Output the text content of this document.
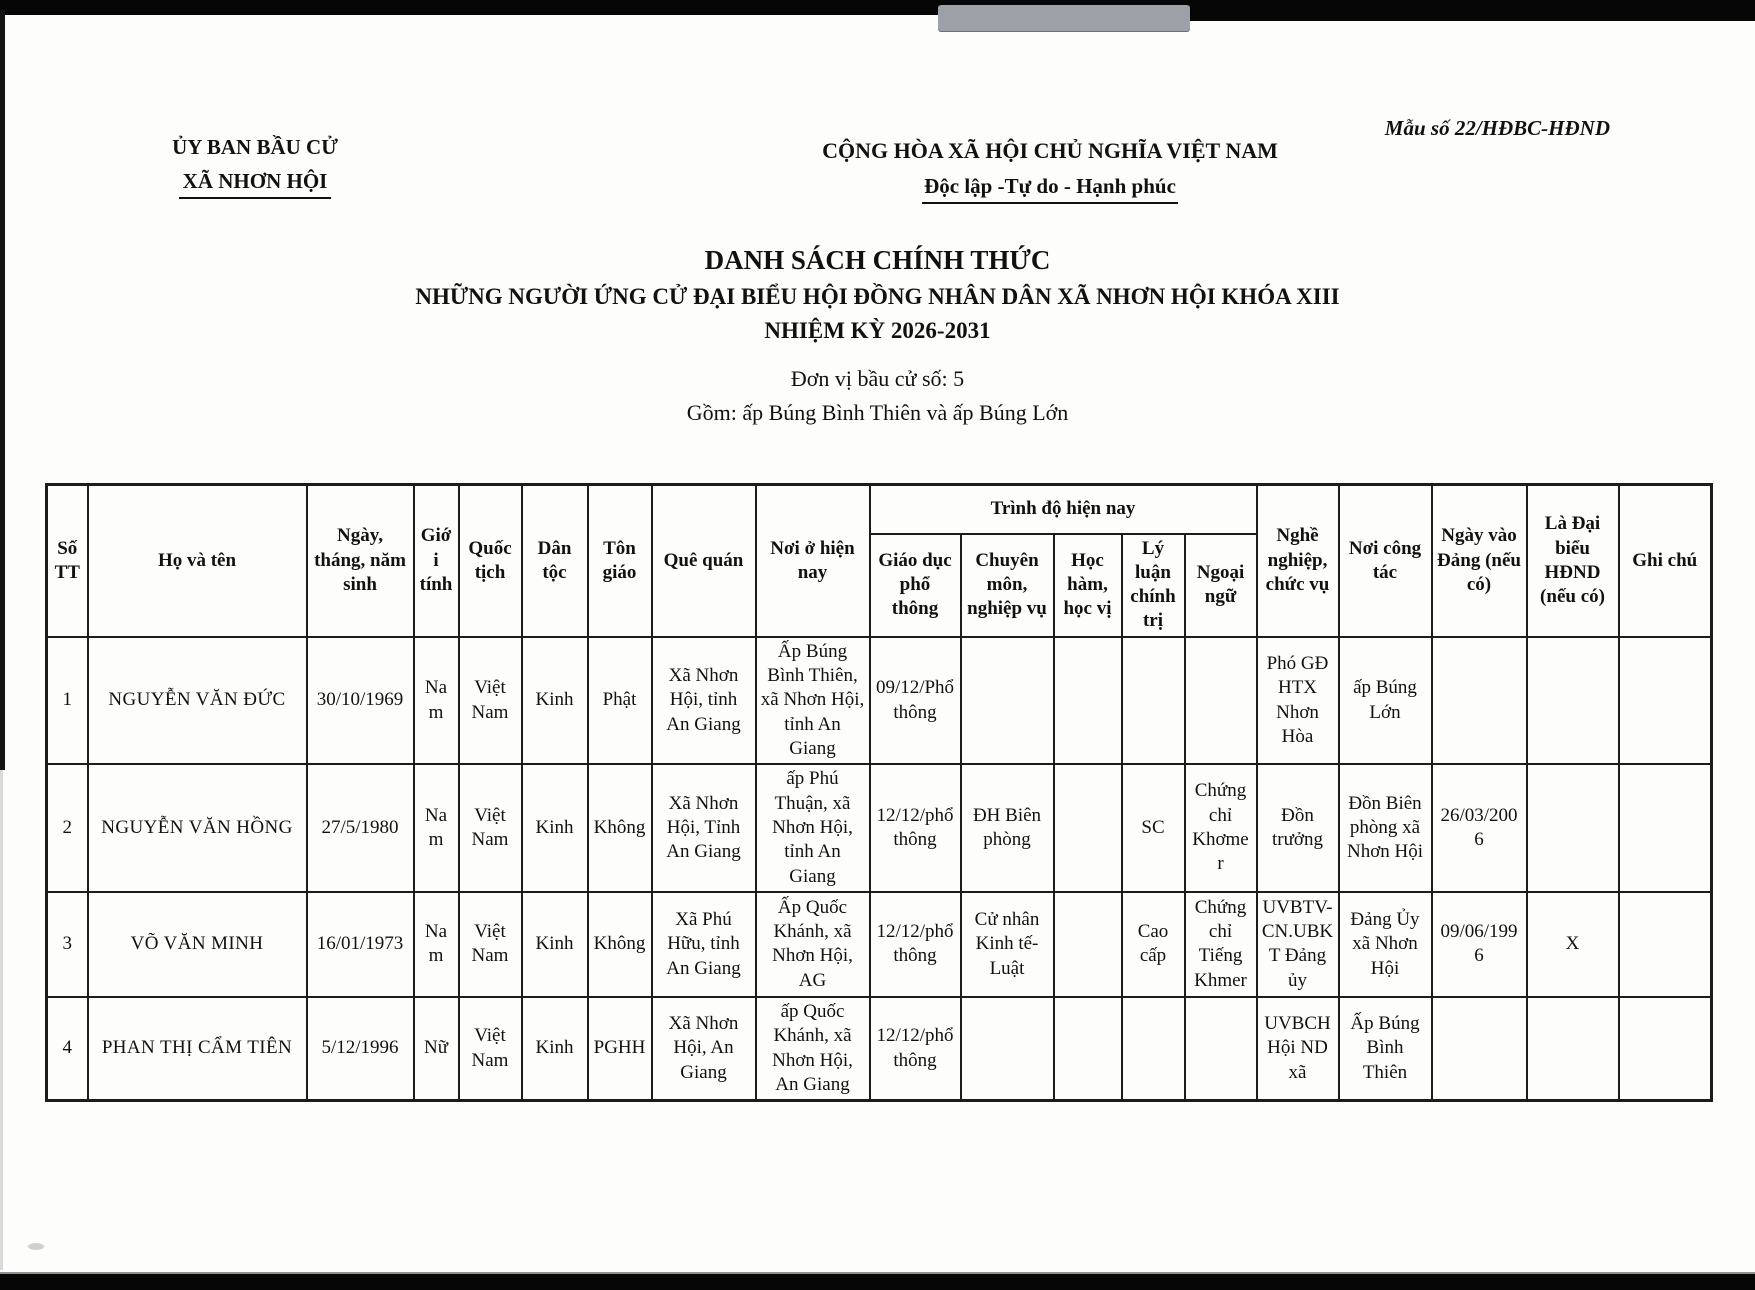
Mẫu số 22/HĐBC-HĐND
ỦY BAN BẦU CỬ
XÃ NHƠN HỘI
CỘNG HÒA XÃ HỘI CHỦ NGHĨA VIỆT NAM
Độc lập -Tự do - Hạnh phúc
DANH SÁCH CHÍNH THỨC
NHỮNG NGƯỜI ỨNG CỬ ĐẠI BIỂU HỘI ĐỒNG NHÂN DÂN XÃ NHƠN HỘI KHÓA XIII
NHIỆM KỲ 2026-2031
Đơn vị bầu cử số: 5
Gồm: ấp Búng Bình Thiên và ấp Búng Lớn
Số TT	Họ và tên	Ngày, tháng, năm sinh	Giới tính	Quốc tịch	Dân tộc	Tôn giáo	Quê quán	Nơi ở hiện nay	Trình độ hiện nay					Nghề nghiệp, chức vụ	Nơi công tác	Ngày vào Đảng (nếu có)	Là Đại biểu HĐND (nếu có)	Ghi chú
									Giáo dục phổ thông	Chuyên môn, nghiệp vụ	Học hàm, học vị	Lý luận chính trị	Ngoại ngữ					
1	NGUYỄN VĂN ĐỨC	30/10/1969	Nam	Việt Nam	Kinh	Phật	Xã Nhơn Hội, tỉnh An Giang	Ấp Búng Bình Thiên, xã Nhơn Hội, tỉnh An Giang	09/12/Phổ thông					Phó GĐ HTX Nhơn Hòa	ấp Búng Lớn			
2	NGUYỄN VĂN HỒNG	27/5/1980	Nam	Việt Nam	Kinh	Không	Xã Nhơn Hội, Tỉnh An Giang	ấp Phú Thuận, xã Nhơn Hội, tỉnh An Giang	12/12/phổ thông	ĐH Biên phòng		SC	Chứng chỉ Khơmer	Đồn trưởng	Đồn Biên phòng xã Nhơn Hội	26/03/2006		
3	VÕ VĂN MINH	16/01/1973	Nam	Việt Nam	Kinh	Không	Xã Phú Hữu, tỉnh An Giang	Ấp Quốc Khánh, xã Nhơn Hội, AG	12/12/phổ thông	Cử nhân Kinh tế- Luật		Cao cấp	Chứng chỉ Tiếng Khmer	UVBTV- CN.UBKT Đảng ủy	Đảng Ủy xã Nhơn Hội	09/06/1996	X	
4	PHAN THỊ CẨM TIÊN	5/12/1996	Nữ	Việt Nam	Kinh	PGHH	Xã Nhơn Hội, An Giang	ấp Quốc Khánh, xã Nhơn Hội, An Giang	12/12/phổ thông					UVBCH Hội ND xã	Ấp Búng Bình Thiên			
